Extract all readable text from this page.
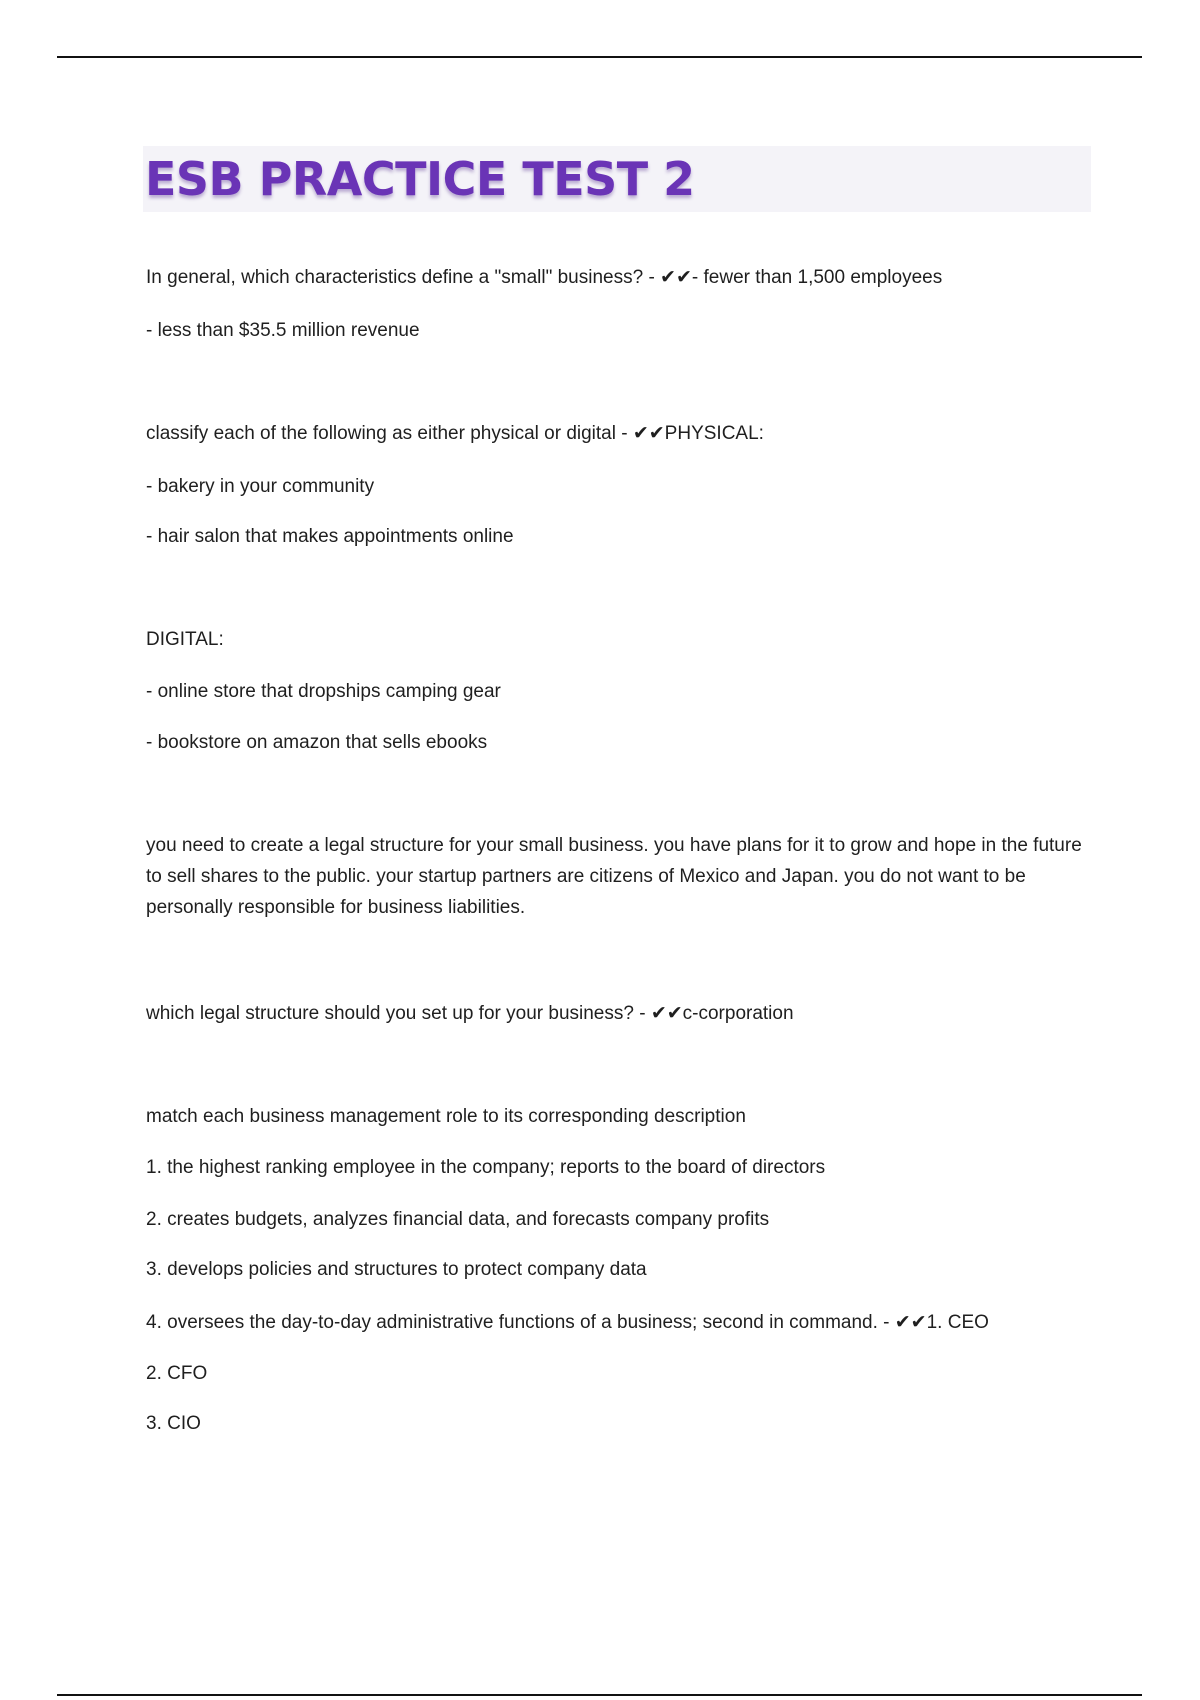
ESB PRACTICE TEST 2
In general, which characteristics define a "small" business? - ✔✔- fewer than 1,500 employees
- less than $35.5 million revenue
classify each of the following as either physical or digital - ✔✔PHYSICAL:
- bakery in your community
- hair salon that makes appointments online
DIGITAL:
- online store that dropships camping gear
- bookstore on amazon that sells ebooks
you need to create a legal structure for your small business. you have plans for it to grow and hope in the future to sell shares to the public. your startup partners are citizens of Mexico and Japan. you do not want to be personally responsible for business liabilities.
which legal structure should you set up for your business? - ✔✔c-corporation
match each business management role to its corresponding description
1. the highest ranking employee in the company; reports to the board of directors
2. creates budgets, analyzes financial data, and forecasts company profits
3. develops policies and structures to protect company data
4. oversees the day-to-day administrative functions of a business; second in command. - ✔✔1. CEO
2. CFO
3. CIO
